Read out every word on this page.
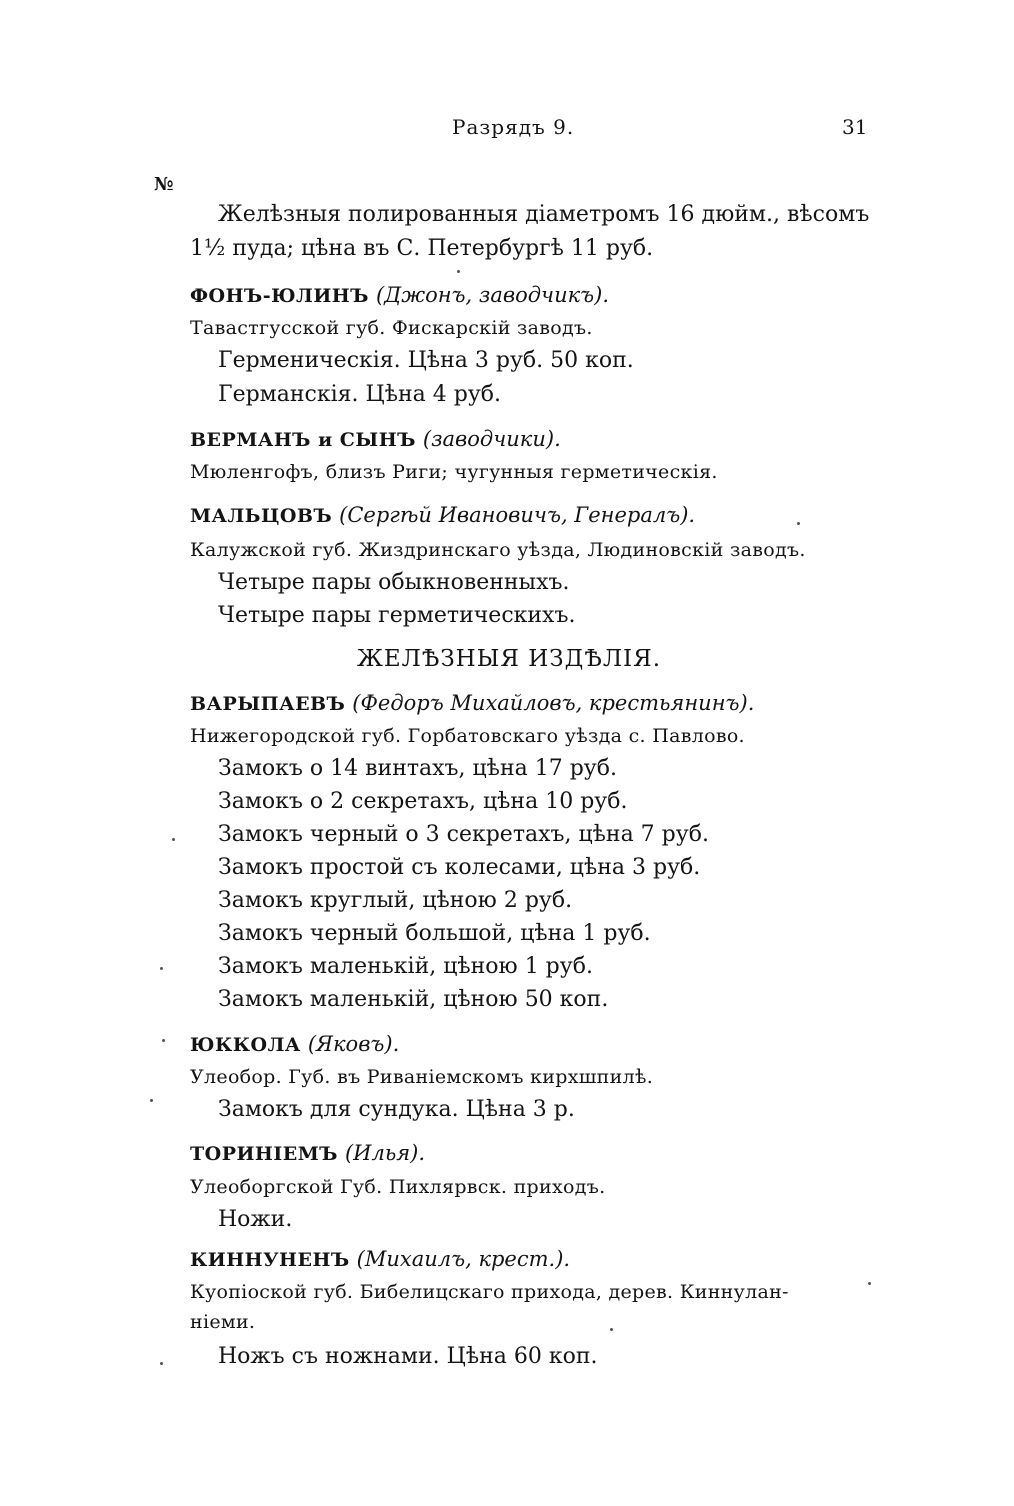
Разрядъ 9.	31
№
Желѣзныя полированныя діаметромъ 16 дюйм., вѣсомъ
1½ пуда; цѣна въ С. Петербургѣ 11 руб.
ФОНЪ-ЮЛИНЪ (Джонъ, заводчикъ).
Тавастгусской губ. Фискарскій заводъ.
Герменическія. Цѣна 3 руб. 50 коп.
Германскія. Цѣна 4 руб.
ВЕРМАНЪ и СЫНЪ (заводчики).
Мюленгофъ, близъ Риги; чугунныя герметическія.
МАЛЬЦОВЪ (Сергѣй Ивановичъ, Генералъ).
Калужской губ. Жиздринскаго уѣзда, Людиновскій заводъ.
Четыре пары обыкновенныхъ.
Четыре пары герметическихъ.
ЖЕЛѢЗНЫЯ ИЗДѢЛІЯ.
ВАРЫПАЕВЪ (Федоръ Михайловъ, крестьянинъ).
Нижегородской губ. Горбатовскаго уѣзда с. Павлово.
Замокъ о 14 винтахъ, цѣна 17 руб.
Замокъ о 2 секретахъ, цѣна 10 руб.
Замокъ черный о 3 секретахъ, цѣна 7 руб.
Замокъ простой съ колесами, цѣна 3 руб.
Замокъ круглый, цѣною 2 руб.
Замокъ черный большой, цѣна 1 руб.
Замокъ маленькій, цѣною 1 руб.
Замокъ маленькій, цѣною 50 коп.
ЮККОЛА (Яковъ).
Улеобор. Губ. въ Риваніемскомъ кирхшпилѣ.
Замокъ для сундука. Цѣна 3 р.
ТОРИНІЕМЪ (Илья).
Улеоборгской Губ. Пихлярвск. приходъ.
Ножи.
КИННУНЕНЪ (Михаилъ, крест.).
Куопіоской губ. Бибелицскаго прихода, дерев. Киннулан-
ніеми.
Ножъ съ ножнами. Цѣна 60 коп.
